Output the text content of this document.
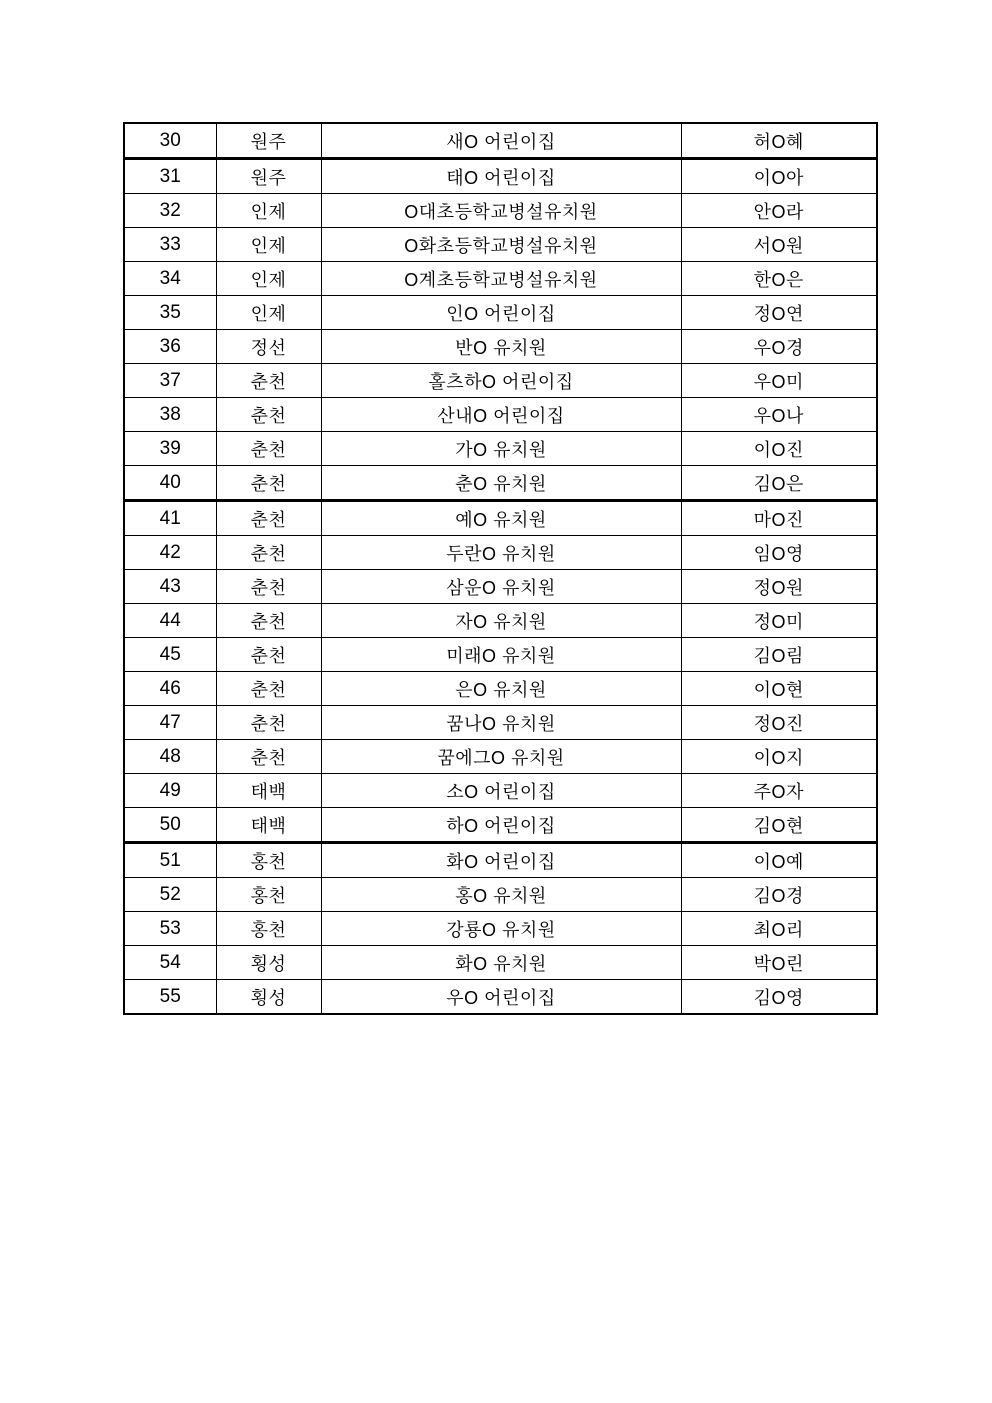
30	원주	새O 어린이집	허O혜
31	원주	태O 어린이집	이O아
32	인제	O대초등학교병설유치원	안O라
33	인제	O화초등학교병설유치원	서O원
34	인제	O계초등학교병설유치원	한O은
35	인제	인O 어린이집	정O연
36	정선	반O 유치원	우O경
37	춘천	홀츠하O 어린이집	우O미
38	춘천	산내O 어린이집	우O나
39	춘천	가O 유치원	이O진
40	춘천	춘O 유치원	김O은
41	춘천	예O 유치원	마O진
42	춘천	두란O 유치원	임O영
43	춘천	삼운O 유치원	정O원
44	춘천	자O 유치원	정O미
45	춘천	미래O 유치원	김O림
46	춘천	은O 유치원	이O현
47	춘천	꿈나O 유치원	정O진
48	춘천	꿈에그O 유치원	이O지
49	태백	소O 어린이집	주O자
50	태백	하O 어린이집	김O현
51	홍천	화O 어린이집	이O예
52	홍천	홍O 유치원	김O경
53	홍천	강룡O 유치원	최O리
54	횡성	화O 유치원	박O린
55	횡성	우O 어린이집	김O영
